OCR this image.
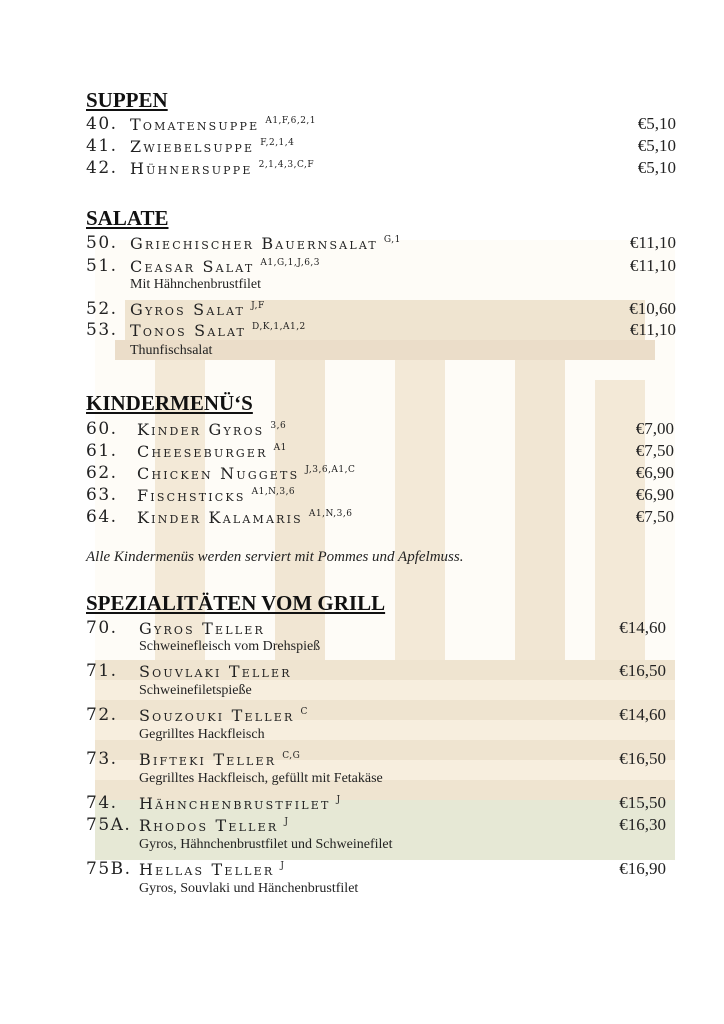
SUPPEN
40. Tomatensuppe $^{A1,F,6,2,1}$	€5,10
41. Zwiebelsuppe $^{F,2,1,4}$	€5,10
42. Hühnersuppe $^{2,1,4,3,C,F}$	€5,10
SALATE
50. Griechischer Bauernsalat $^{G,1}$	€11,10
51. Ceasar Salat $^{A1,G,1,J,6,3}$	€11,10
Mit Hähnchenbrustfilet
52. Gyros Salat $^{J,F}$	€10,60
53. Tonos Salat $^{D,K,1,A1,2}$	€11,10
Thunfischsalat
KINDERMENÜ‘S
60. Kinder Gyros $^{3,6}$	€7,00
61. Cheeseburger $^{A1}$	€7,50
62. Chicken Nuggets $^{J,3,6,A1,C}$	€6,90
63. Fischsticks $^{A1,N,3,6}$	€6,90
64. Kinder Kalamaris $^{A1,N,3,6}$	€7,50
Alle Kindermenüs werden serviert mit Pommes und Apfelmuss.
SPEZIALITÄTEN VOM GRILL
70. Gyros Teller	€14,60
Schweinefleisch vom Drehspieß
71. Souvlaki Teller	€16,50
Schweinefiletspieße
72. Souzouki Teller $^C$	€14,60
Gegrilltes Hackfleisch
73. Bifteki Teller $^{C,G}$	€16,50
Gegrilltes Hackfleisch, gefüllt mit Fetakäse
74. Hähnchenbrustfilet $^J$	€15,50
75A. Rhodos Teller $^J$	€16,30
Gyros, Hähnchenbrustfilet und Schweinefilet
75B. Hellas Teller $^J$	€16,90
Gyros, Souvlaki und Hänchenbrustfilet
